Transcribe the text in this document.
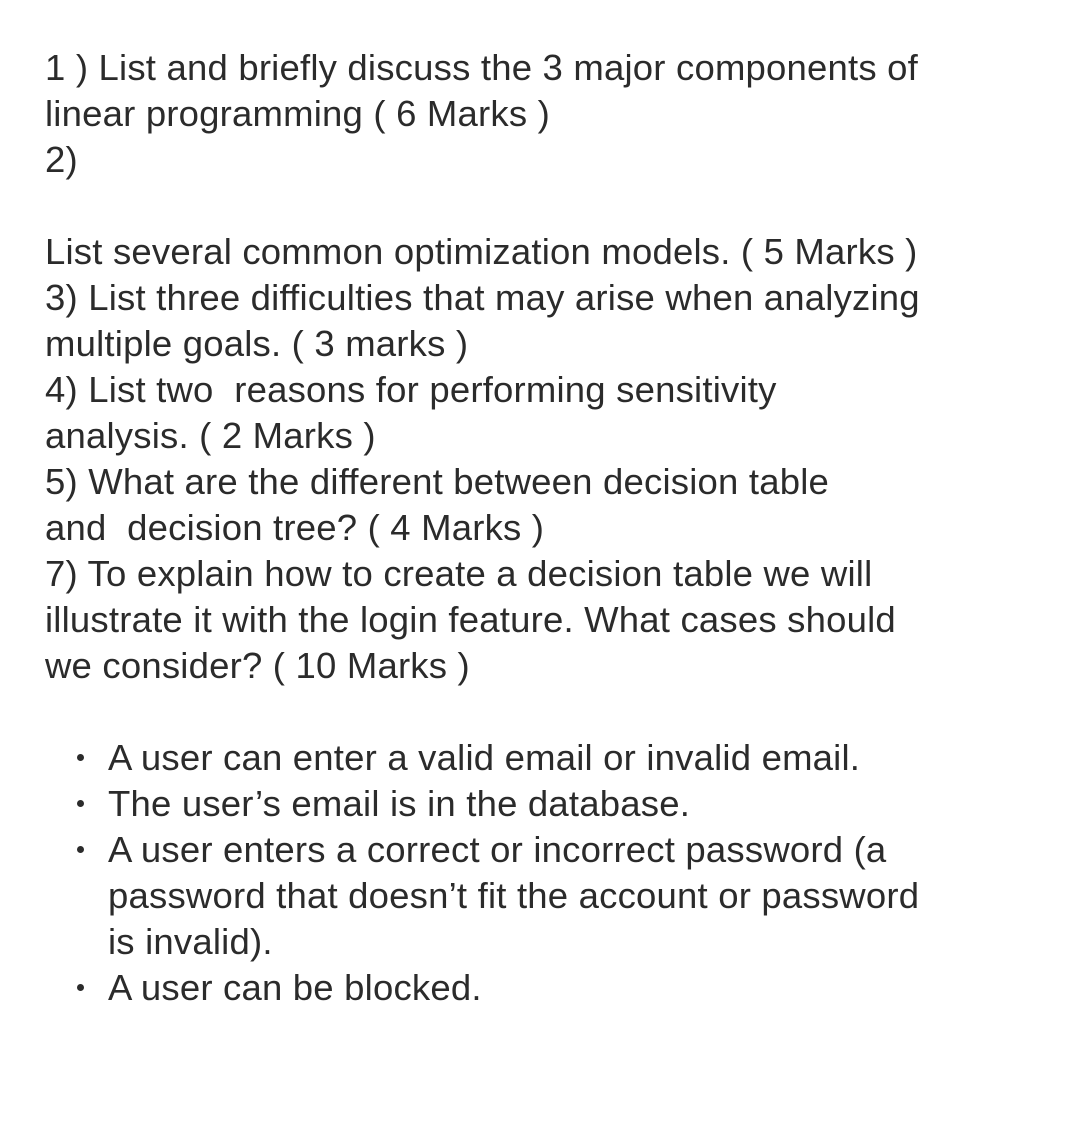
1 ) List and briefly discuss the 3 major components of
linear programming ( 6 Marks )
2)
List several common optimization models. ( 5 Marks )
3) List three difficulties that may arise when analyzing
multiple goals. ( 3 marks )
4) List two  reasons for performing sensitivity
analysis. ( 2 Marks )
5) What are the different between decision table
and  decision tree? ( 4 Marks )
7) To explain how to create a decision table we will
illustrate it with the login feature. What cases should
we consider? ( 10 Marks )
A user can enter a valid email or invalid email.
The user’s email is in the database.
A user enters a correct or incorrect password (a
password that doesn’t fit the account or password
is invalid).
A user can be blocked.
